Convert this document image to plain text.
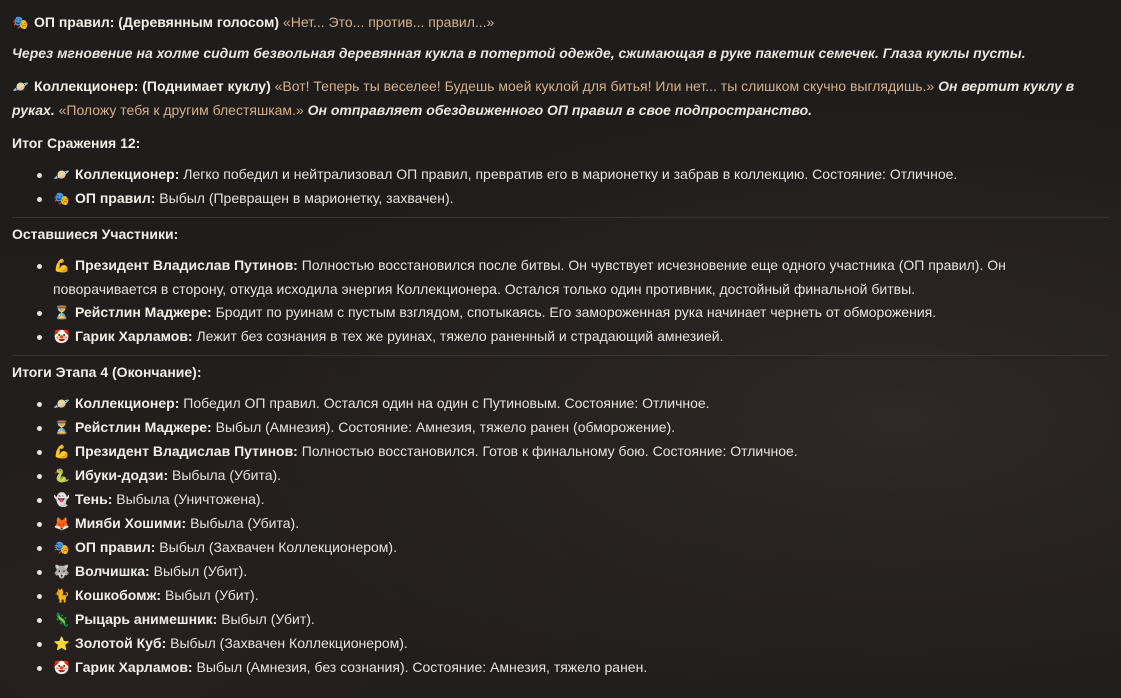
🎭 ОП правил: (Деревянным голосом) «Нет... Это... против... правил...»

Через мгновение на холме сидит безвольная деревянная кукла в потертой одежде, сжимающая в руке пакетик семечек. Глаза куклы пусты.

🪐 Коллекционер: (Поднимает куклу) «Вот! Теперь ты веселее! Будешь моей куклой для битья! Или нет... ты слишком скучно выглядишь.» Он вертит куклу в руках. «Положу тебя к другим блестяшкам.» Он отправляет обездвиженного ОП правил в свое подпространство.

Итог Сражения 12:
🪐 Коллекционер: Легко победил и нейтрализовал ОП правил, превратив его в марионетку и забрав в коллекцию. Состояние: Отличное.
🎭 ОП правил: Выбыл (Превращен в марионетку, захвачен).
Оставшиеся Участники:
💪 Президент Владислав Путинов: Полностью восстановился после битвы. Он чувствует исчезновение еще одного участника (ОП правил). Он поворачивается в сторону, откуда исходила энергия Коллекционера. Остался только один противник, достойный финальной битвы.
⏳ Рейстлин Маджере: Бродит по руинам с пустым взглядом, спотыкаясь. Его замороженная рука начинает чернеть от обморожения.
🤡 Гарик Харламов: Лежит без сознания в тех же руинах, тяжело раненный и страдающий амнезией.
Итоги Этапа 4 (Окончание):
🪐 Коллекционер: Победил ОП правил. Остался один на один с Путиновым. Состояние: Отличное.
⏳ Рейстлин Маджере: Выбыл (Амнезия). Состояние: Амнезия, тяжело ранен (обморожение).
💪 Президент Владислав Путинов: Полностью восстановился. Готов к финальному бою. Состояние: Отличное.
🐍 Ибуки-додзи: Выбыла (Убита).
👻 Тень: Выбыла (Уничтожена).
🦊 Мияби Хошими: Выбыла (Убита).
🎭 ОП правил: Выбыл (Захвачен Коллекционером).
🐺 Волчишка: Выбыл (Убит).
🐈 Кошкобомж: Выбыл (Убит).
🦎 Рыцарь анимешник: Выбыл (Убит).
⭐ Золотой Куб: Выбыл (Захвачен Коллекционером).
🤡 Гарик Харламов: Выбыл (Амнезия, без сознания). Состояние: Амнезия, тяжело ранен.
